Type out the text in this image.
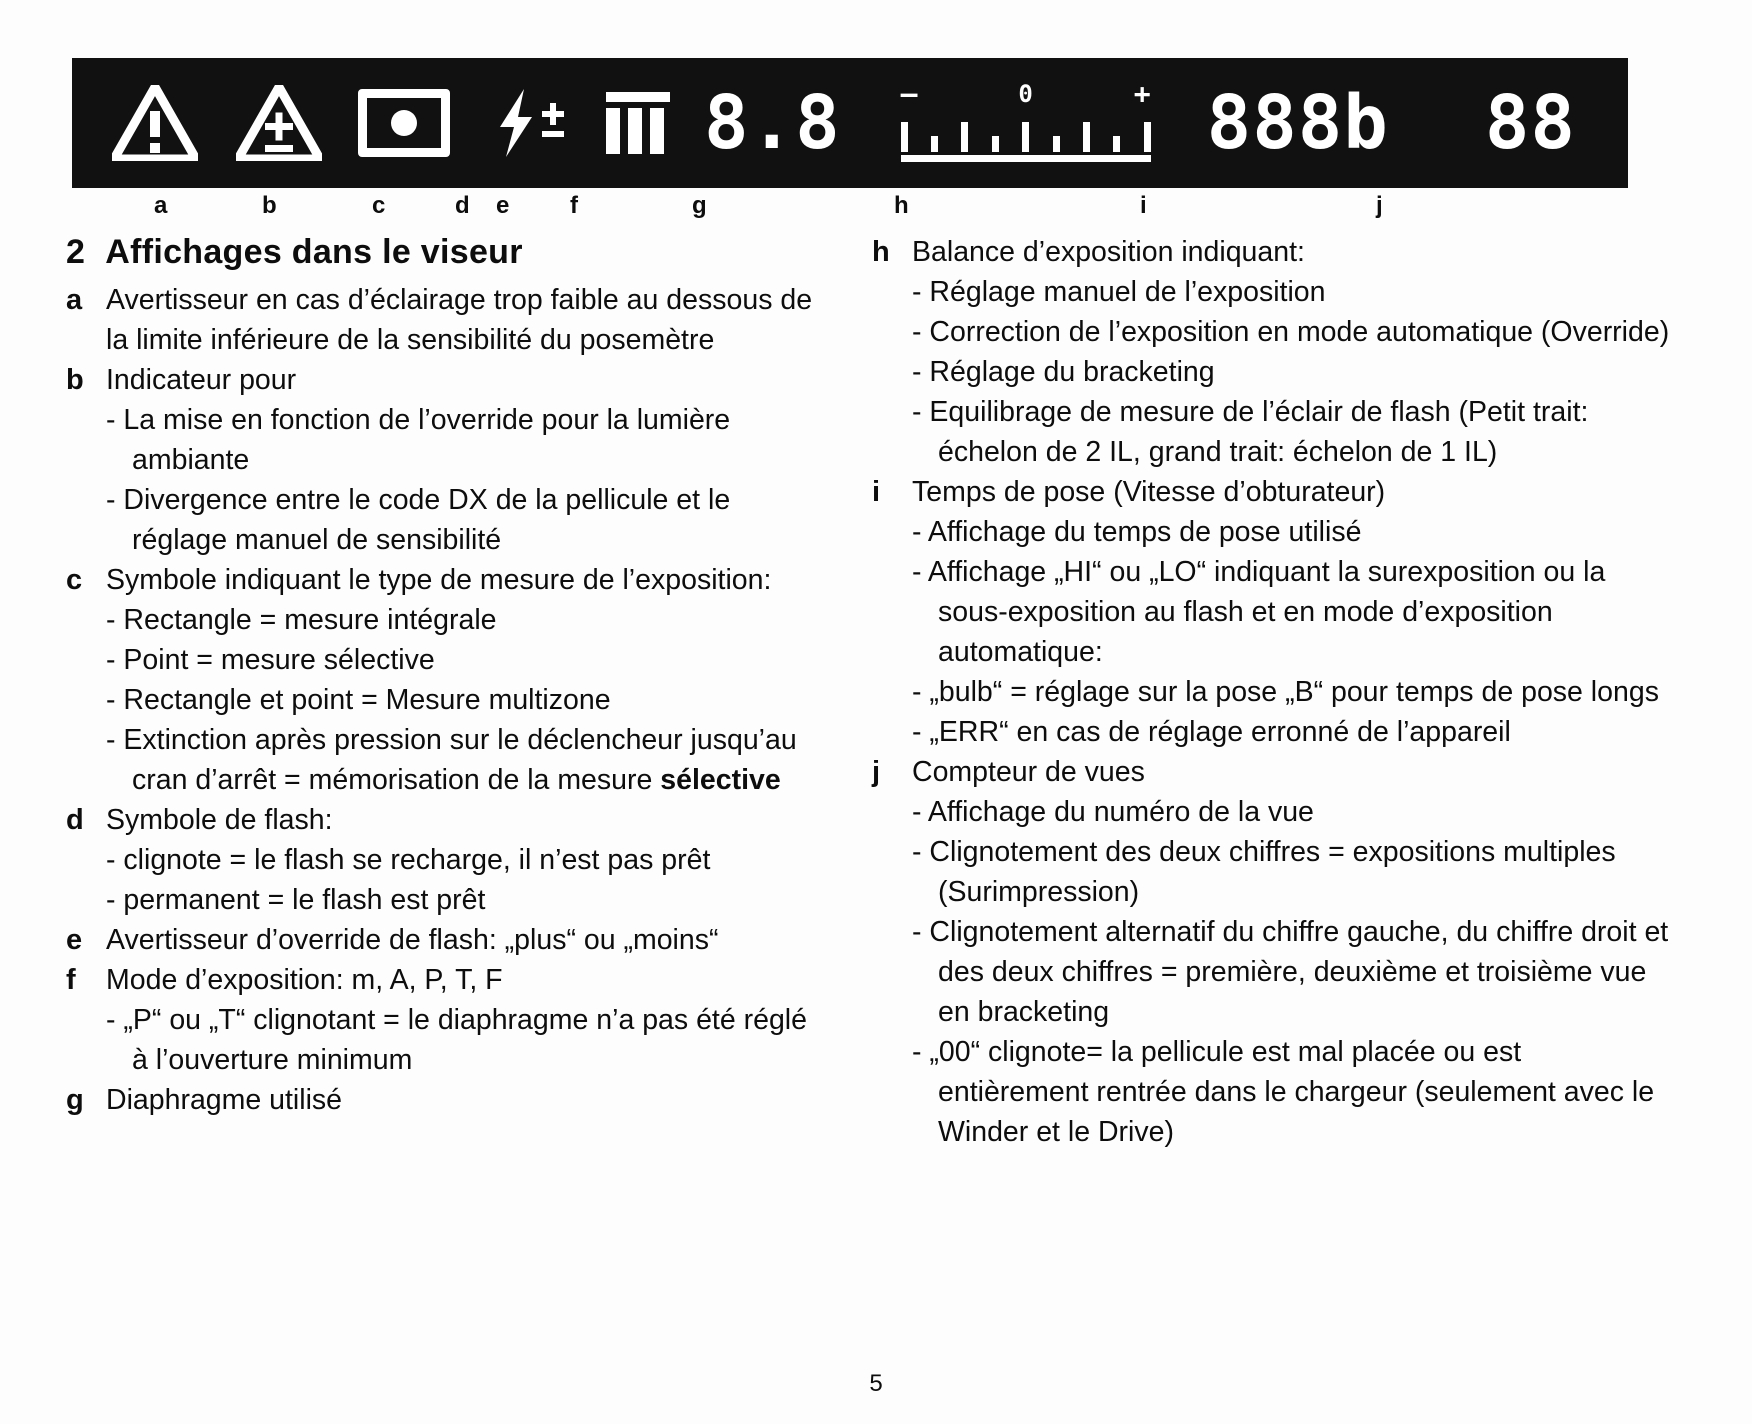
8.8 –	+
0 888b 88
a	b	c	d e	f	g	h	i	j
2 Affichages dans le viseur
a Avertisseur en cas d’éclairage trop faible au dessous de la limite inférieure de la sensibilité du posemètre

b Indicateur pour

- La mise en fonction de l’override pour la lumière ambiante

- Divergence entre le code DX de la pellicule et le réglage manuel de sensibilité

c Symbole indiquant le type de mesure de l’exposition:

- Rectangle = mesure intégrale

- Point = mesure sélective

- Rectangle et point = Mesure multizone

- Extinction après pression sur le déclencheur jusqu’au cran d’arrêt = mémorisation de la mesure sélective

d Symbole de flash:

- clignote = le flash se recharge, il n’est pas prêt

- permanent = le flash est prêt

e Avertisseur d’override de flash: „plus“ ou „moins“

f	Mode d’exposition: m, A, P, T, F

- „P“ ou „T“ clignotant = le diaphragme n’a pas été réglé à l’ouverture minimum

g Diaphragme utilisé

h Balance d’exposition indiquant:

- Réglage manuel de l’exposition

- Correction de l’exposition en mode automatique (Override)

- Réglage du bracketing

- Equilibrage de mesure de l’éclair de flash (Petit trait: échelon de 2 IL, grand trait: échelon de 1 IL)

i	Temps de pose (Vitesse d’obturateur)

- Affichage du temps de pose utilisé

- Affichage „HI“ ou „LO“ indiquant la surexposition ou la sous-exposition au flash et en mode d’exposition automatique:

- „bulb“ = réglage sur la pose „B“ pour temps de pose longs

- „ERR“ en cas de réglage erronné de l’appareil

j	Compteur de vues

- Affichage du numéro de la vue

- Clignotement des deux chiffres = expositions multiples (Surimpression)

- Clignotement alternatif du chiffre gauche, du chiffre droit et des deux chiffres = première, deuxième et troisième vue en bracketing

- „00“ clignote= la pellicule est mal placée ou est entièrement rentrée dans le chargeur (seulement avec le Winder et le Drive)

5
